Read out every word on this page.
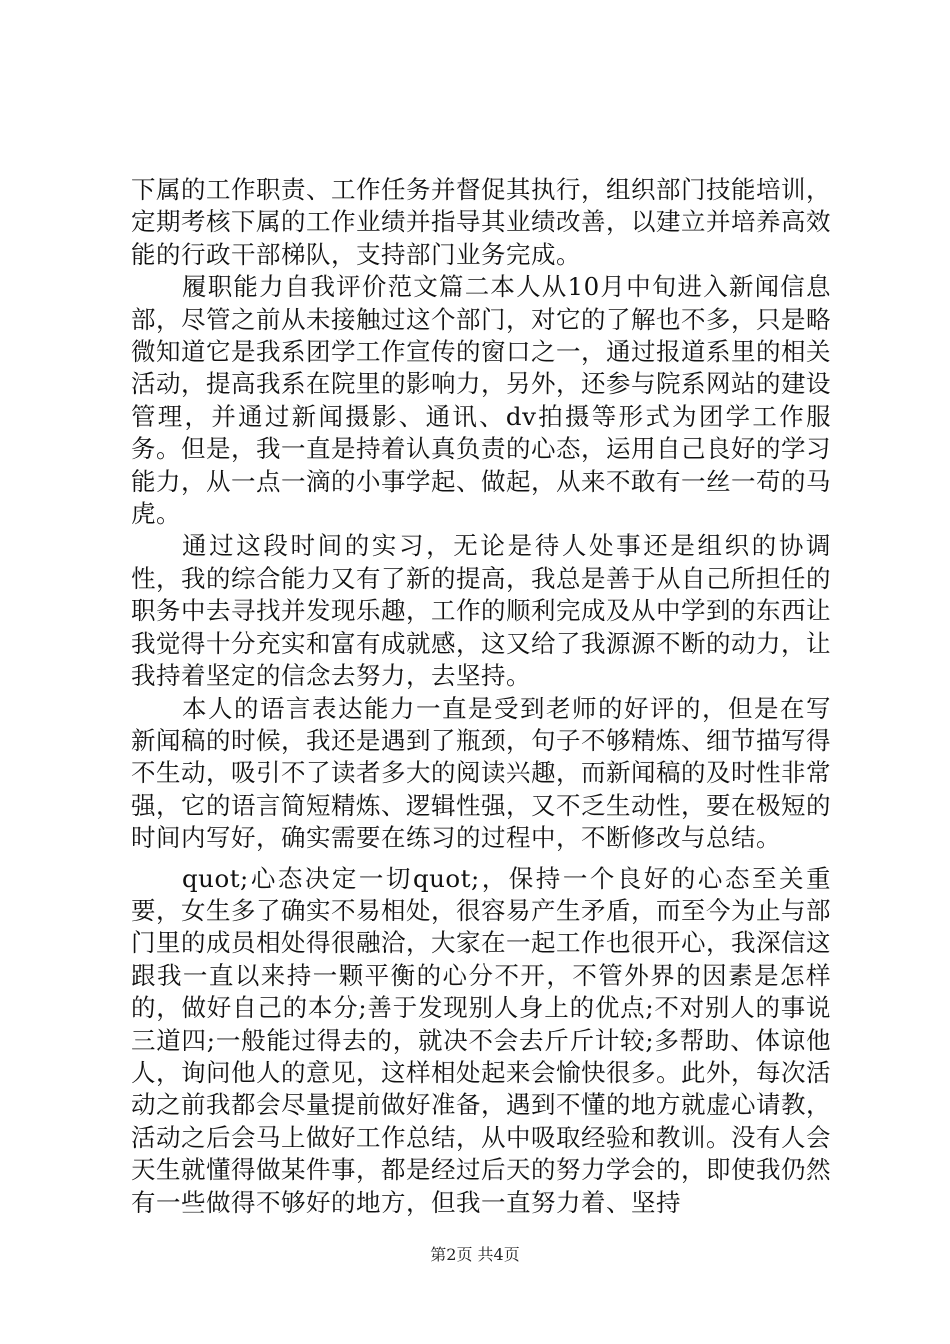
下属的工作职责、工作任务并督促其执行，组织部门技能培训，定期考核下属的工作业绩并指导其业绩改善，以建立并培养高效能的行政干部梯队，支持部门业务完成。

履职能力自我评价范文篇二本人从10月中旬进入新闻信息部，尽管之前从未接触过这个部门，对它的了解也不多，只是略微知道它是我系团学工作宣传的窗口之一，通过报道系里的相关活动，提高我系在院里的影响力，另外，还参与院系网站的建设管理，并通过新闻摄影、通讯、dv拍摄等形式为团学工作服务。但是，我一直是持着认真负责的心态，运用自己良好的学习能力，从一点一滴的小事学起、做起，从来不敢有一丝一苟的马虎。

通过这段时间的实习，无论是待人处事还是组织的协调性，我的综合能力又有了新的提高，我总是善于从自己所担任的职务中去寻找并发现乐趣，工作的顺利完成及从中学到的东西让我觉得十分充实和富有成就感，这又给了我源源不断的动力，让我持着坚定的信念去努力，去坚持。

本人的语言表达能力一直是受到老师的好评的，但是在写新闻稿的时候，我还是遇到了瓶颈，句子不够精炼、细节描写得不生动，吸引不了读者多大的阅读兴趣，而新闻稿的及时性非常强，它的语言简短精炼、逻辑性强，又不乏生动性，要在极短的时间内写好，确实需要在练习的过程中，不断修改与总结。

quot;心态决定一切quot;，保持一个良好的心态至关重要，女生多了确实不易相处，很容易产生矛盾，而至今为止与部门里的成员相处得很融洽，大家在一起工作也很开心，我深信这跟我一直以来持一颗平衡的心分不开，不管外界的因素是怎样的，做好自己的本分;善于发现别人身上的优点;不对别人的事说三道四;一般能过得去的，就决不会去斤斤计较;多帮助、体谅他人，询问他人的意见，这样相处起来会愉快很多。此外，每次活动之前我都会尽量提前做好准备，遇到不懂的地方就虚心请教，活动之后会马上做好工作总结，从中吸取经验和教训。没有人会天生就懂得做某件事，都是经过后天的努力学会的，即使我仍然有一些做得不够好的地方，但我一直努力着、坚持

第2页 共4页
